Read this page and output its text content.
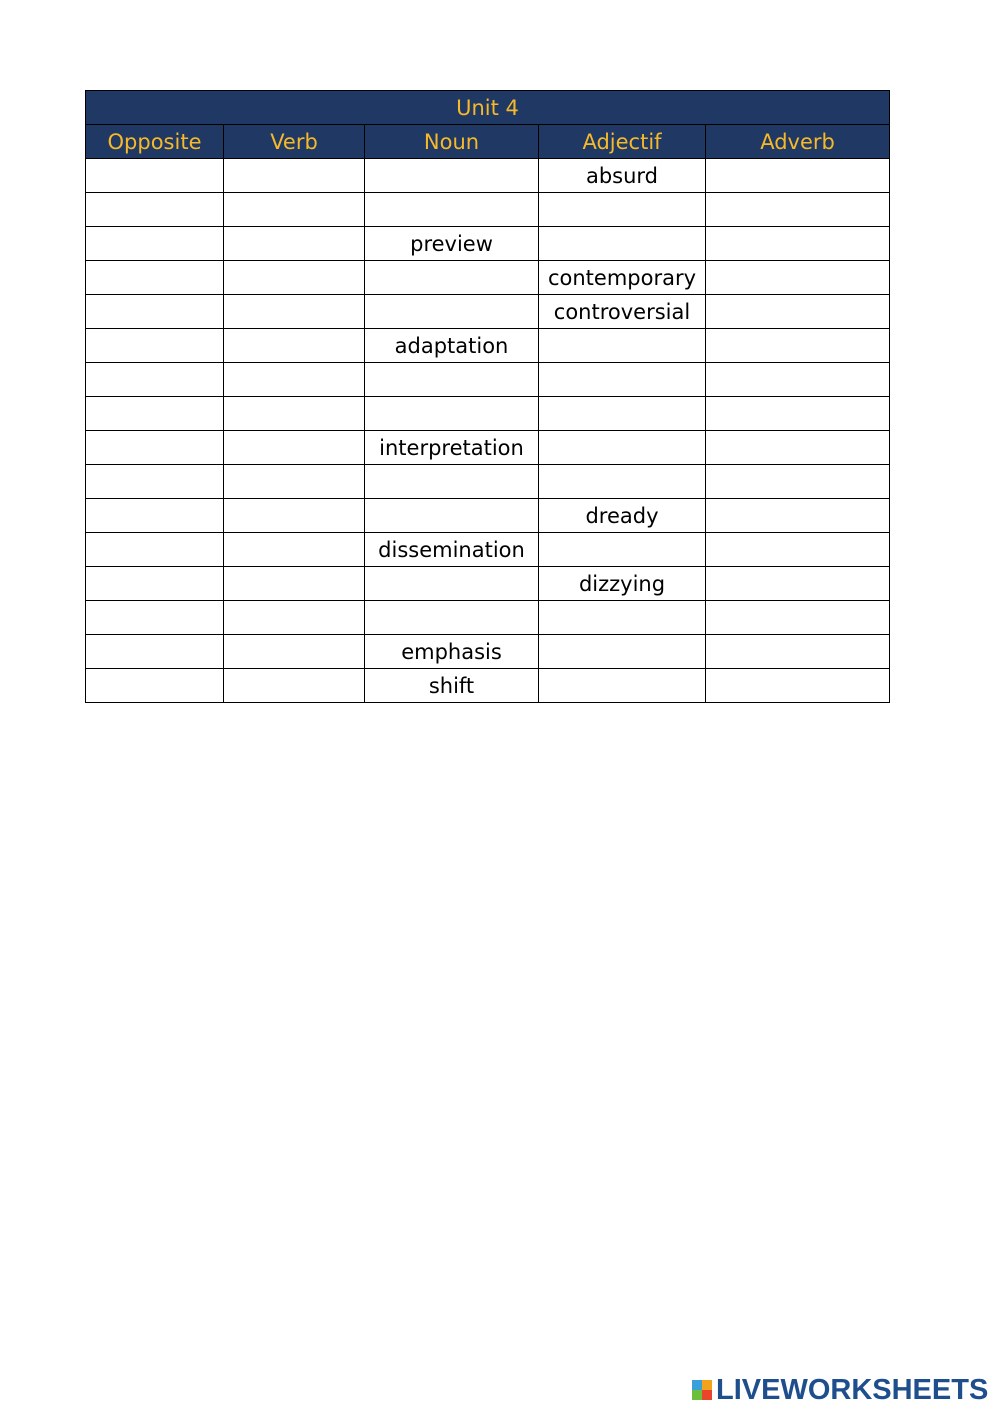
Unit 4				
Opposite	Verb	Noun	Adjectif	Adverb
			absurd	

		preview		
			contemporary	
			controversial	
		adaptation		

		interpretation		

			dready	
		dissemination		
			dizzying	

		emphasis		
		shift		
LIVEWORKSHEETS
